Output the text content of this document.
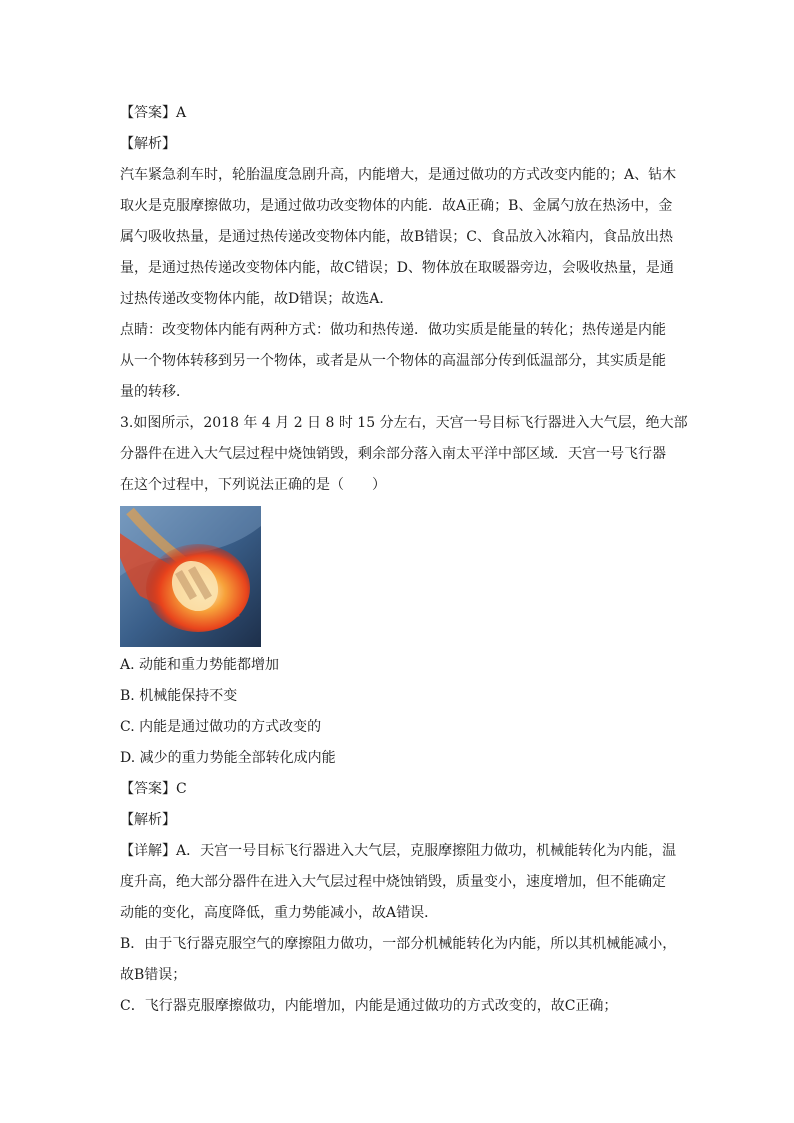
【答案】A

【解析】

汽车紧急刹车时，轮胎温度急剧升高，内能增大，是通过做功的方式改变内能的；A、钻木

取火是克服摩擦做功，是通过做功改变物体的内能．故A正确；B、金属勺放在热汤中，金

属勺吸收热量，是通过热传递改变物体内能，故B错误；C、食品放入冰箱内，食品放出热

量，是通过热传递改变物体内能，故C错误；D、物体放在取暖器旁边，会吸收热量，是通

过热传递改变物体内能，故D错误；故选A．

点睛：改变物体内能有两种方式：做功和热传递．做功实质是能量的转化；热传递是内能

从一个物体转移到另一个物体，或者是从一个物体的高温部分传到低温部分，其实质是能

量的转移．

3.如图所示，2018 年 4 月 2 日 8 时 15 分左右，天宫一号目标飞行器进入大气层，绝大部

分器件在进入大气层过程中烧蚀销毁，剩余部分落入南太平洋中部区域．天宫一号飞行器

在这个过程中，下列说法正确的是（　　）

A. 动能和重力势能都增加

B. 机械能保持不变

C. 内能是通过做功的方式改变的

D. 减少的重力势能全部转化成内能

【答案】C

【解析】

【详解】A．天宫一号目标飞行器进入大气层，克服摩擦阻力做功，机械能转化为内能，温

度升高，绝大部分器件在进入大气层过程中烧蚀销毁，质量变小，速度增加，但不能确定

动能的变化，高度降低，重力势能减小，故A错误．

B．由于飞行器克服空气的摩擦阻力做功，一部分机械能转化为内能，所以其机械能减小，

故B错误；

C．飞行器克服摩擦做功，内能增加，内能是通过做功的方式改变的，故C正确；
